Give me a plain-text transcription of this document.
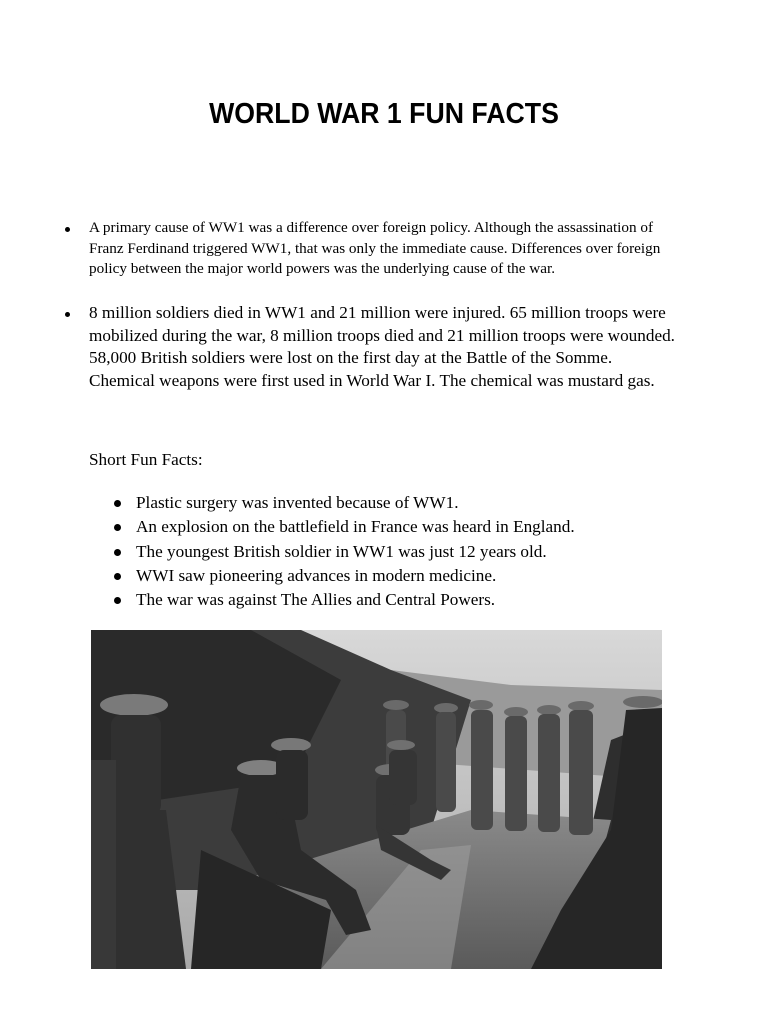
WORLD WAR 1 FUN FACTS
A primary cause of WW1 was a difference over foreign policy. Although the assassination of Franz Ferdinand triggered WW1, that was only the immediate cause. Differences over foreign policy between the major world powers was the underlying cause of the war.
8 million soldiers died in WW1 and 21 million were injured. 65 million troops were mobilized during the war, 8 million troops died and 21 million troops were wounded. 58,000 British soldiers were lost on the first day at the Battle of the Somme. Chemical weapons were first used in World War I. The chemical was mustard gas.

Short Fun Facts:

Plastic surgery was invented because of WW1.
An explosion on the battlefield in France was heard in England.
The youngest British soldier in WW1 was just 12 years old.
WWI saw pioneering advances in modern medicine.
The war was against The Allies and Central Powers.
